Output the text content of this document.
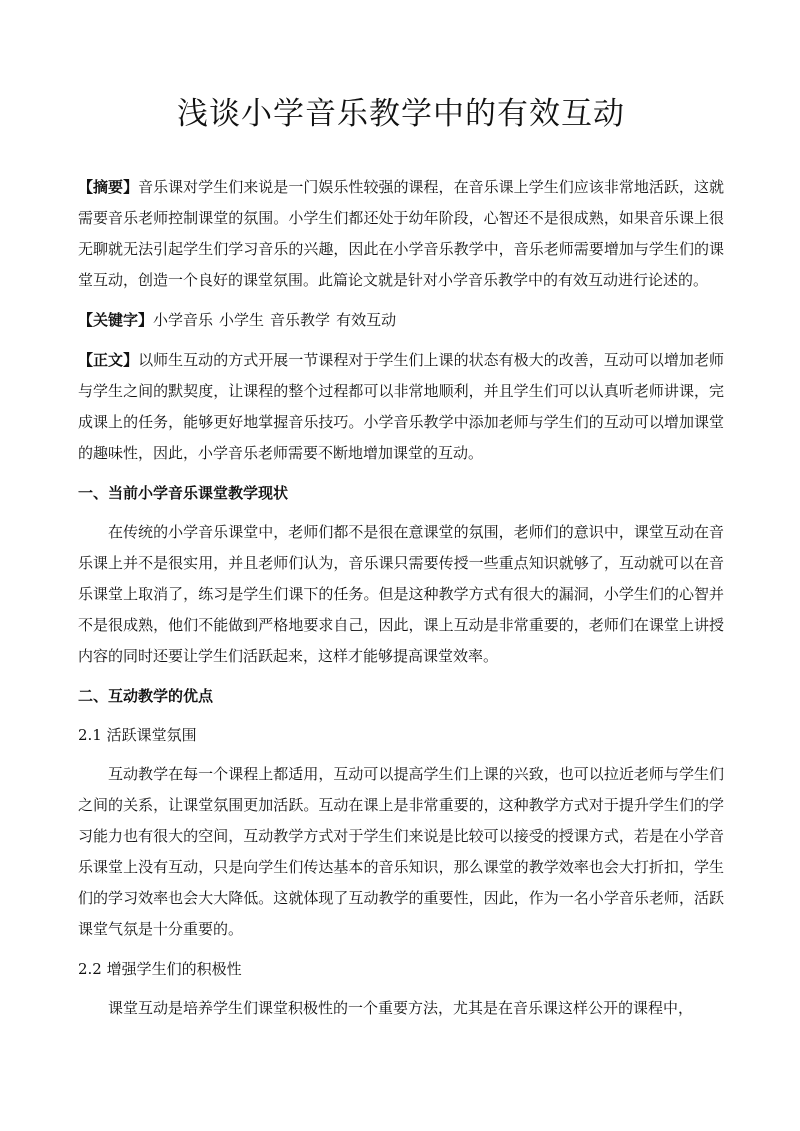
浅谈小学音乐教学中的有效互动

【摘要】音乐课对学生们来说是一门娱乐性较强的课程，在音乐课上学生们应该非常地活跃，这就需要音乐老师控制课堂的氛围。小学生们都还处于幼年阶段，心智还不是很成熟，如果音乐课上很无聊就无法引起学生们学习音乐的兴趣，因此在小学音乐教学中，音乐老师需要增加与学生们的课堂互动，创造一个良好的课堂氛围。此篇论文就是针对小学音乐教学中的有效互动进行论述的。

【关键字】小学音乐 小学生 音乐教学 有效互动

【正文】以师生互动的方式开展一节课程对于学生们上课的状态有极大的改善，互动可以增加老师与学生之间的默契度，让课程的整个过程都可以非常地顺利，并且学生们可以认真听老师讲课，完成课上的任务，能够更好地掌握音乐技巧。小学音乐教学中添加老师与学生们的互动可以增加课堂的趣味性，因此，小学音乐老师需要不断地增加课堂的互动。

一、当前小学音乐课堂教学现状

在传统的小学音乐课堂中，老师们都不是很在意课堂的氛围，老师们的意识中，课堂互动在音乐课上并不是很实用，并且老师们认为，音乐课只需要传授一些重点知识就够了，互动就可以在音乐课堂上取消了，练习是学生们课下的任务。但是这种教学方式有很大的漏洞，小学生们的心智并不是很成熟，他们不能做到严格地要求自己，因此，课上互动是非常重要的，老师们在课堂上讲授内容的同时还要让学生们活跃起来，这样才能够提高课堂效率。

二、互动教学的优点
2.1 活跃课堂氛围

互动教学在每一个课程上都适用，互动可以提高学生们上课的兴致，也可以拉近老师与学生们之间的关系，让课堂氛围更加活跃。互动在课上是非常重要的，这种教学方式对于提升学生们的学习能力也有很大的空间，互动教学方式对于学生们来说是比较可以接受的授课方式，若是在小学音乐课堂上没有互动，只是向学生们传达基本的音乐知识，那么课堂的教学效率也会大打折扣，学生们的学习效率也会大大降低。这就体现了互动教学的重要性，因此，作为一名小学音乐老师，活跃课堂气氛是十分重要的。

2.2 增强学生们的积极性

课堂互动是培养学生们课堂积极性的一个重要方法，尤其是在音乐课这样公开的课程中，
